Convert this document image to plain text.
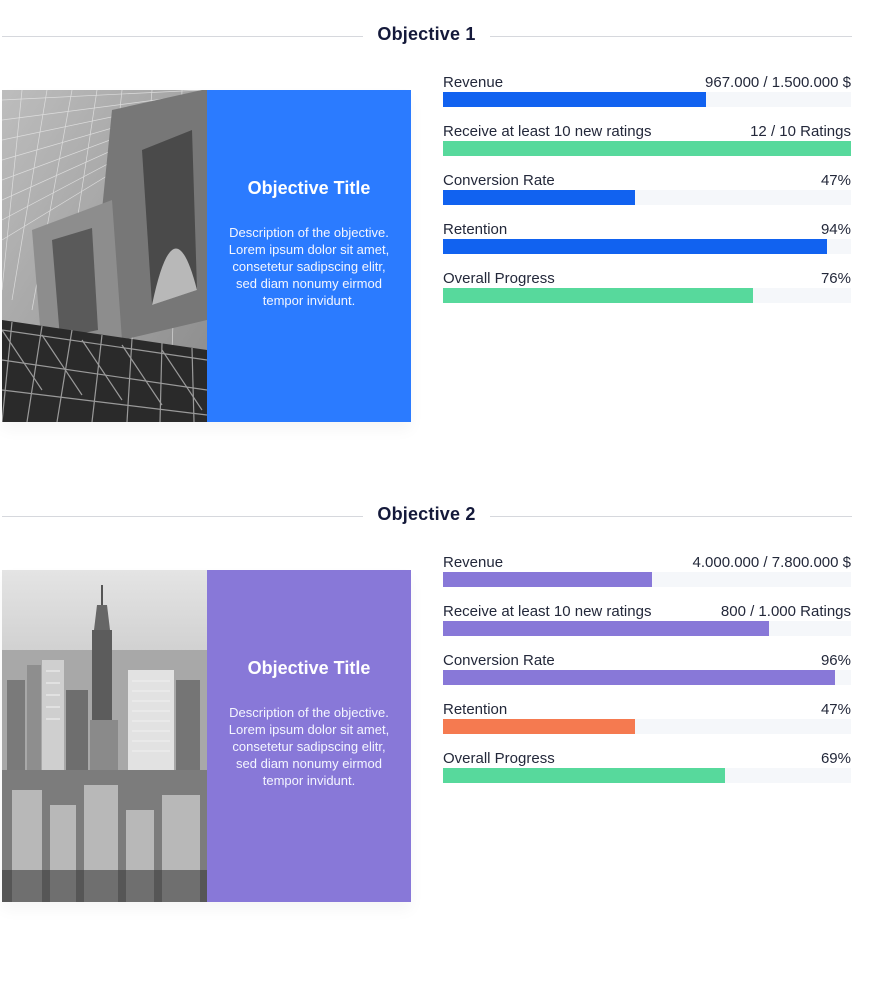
Objective 1
Objective Title
Description of the objective. Lorem ipsum dolor sit amet, consetetur sadipscing elitr,
sed diam nonumy eirmod tempor invidunt.
Revenue	967.000 / 1.500.000 $
Receive at least 10 new ratings	12 / 10 Ratings
Conversion Rate	47%
Retention	94%
Overall Progress	76%
Objective 2
Objective Title
Description of the objective. Lorem ipsum dolor sit amet, consetetur sadipscing elitr,
sed diam nonumy eirmod tempor invidunt.
Revenue	4.000.000 / 7.800.000 $
Receive at least 10 new ratings	800 / 1.000 Ratings
Conversion Rate	96%
Retention	47%
Overall Progress	69%
